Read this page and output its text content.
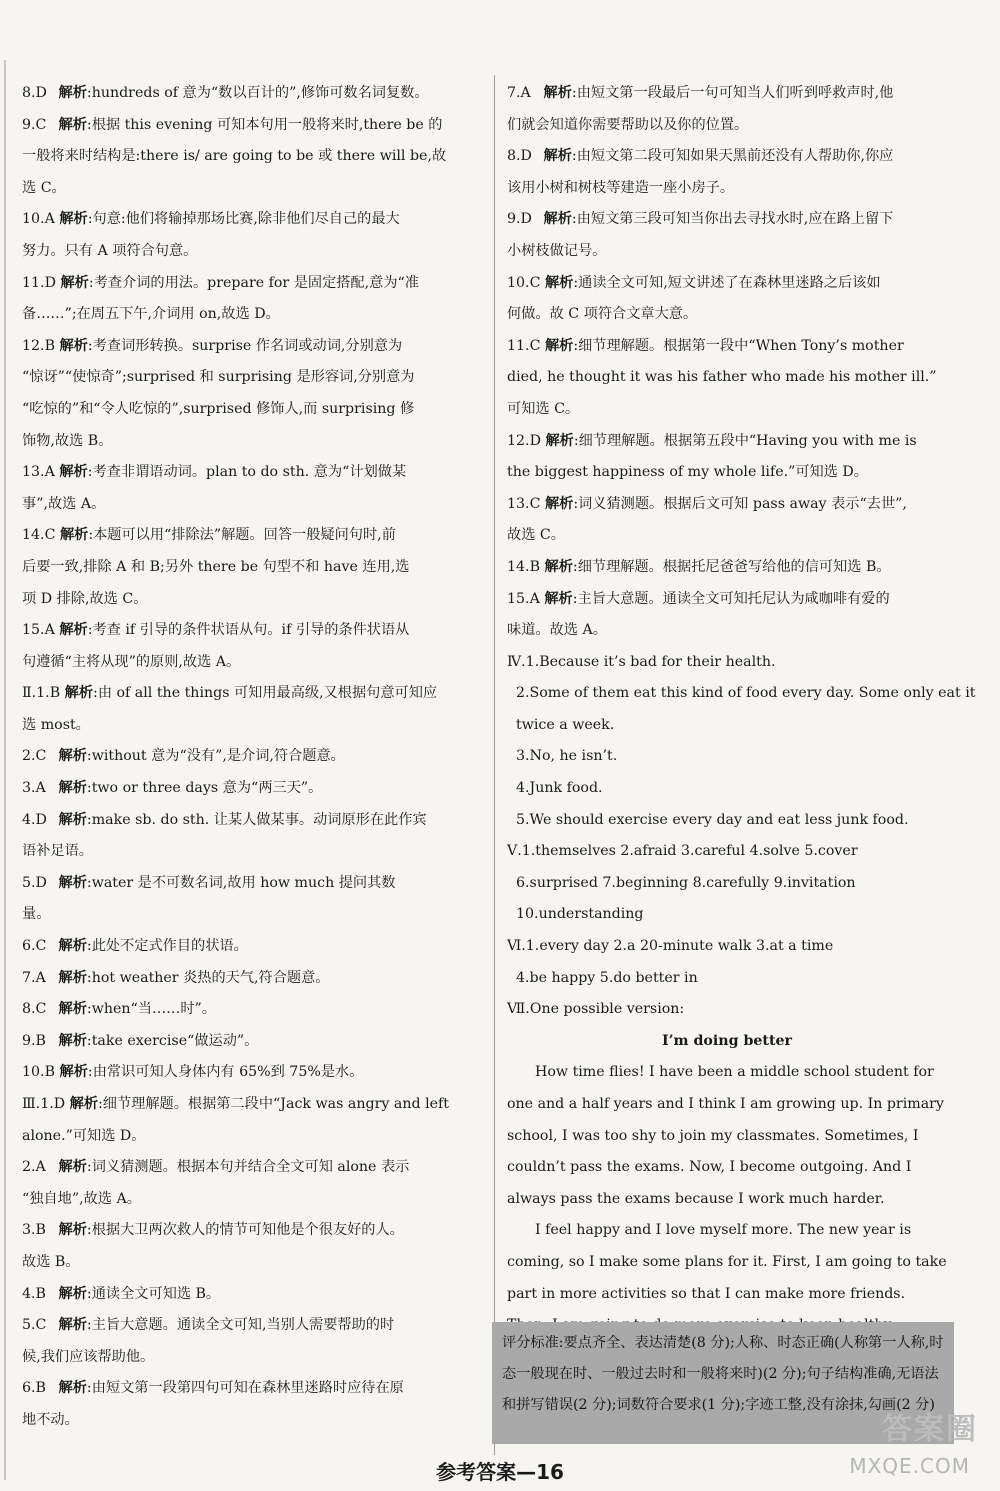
8.D 解析:hundreds of 意为“数以百计的”,修饰可数名词复数。
9.C 解析:根据 this evening 可知本句用一般将来时,there be 的
一般将来时结构是:there is/ are going to be 或 there will be,故
选 C。
10.A 解析:句意:他们将输掉那场比赛,除非他们尽自己的最大
努力。只有 A 项符合句意。
11.D 解析:考查介词的用法。prepare for 是固定搭配,意为“准
备……”;在周五下午,介词用 on,故选 D。
12.B 解析:考查词形转换。surprise 作名词或动词,分别意为
“惊讶”“使惊奇”;surprised 和 surprising 是形容词,分别意为
“吃惊的”和“令人吃惊的”,surprised 修饰人,而 surprising 修
饰物,故选 B。
13.A 解析:考查非谓语动词。plan to do sth. 意为“计划做某
事”,故选 A。
14.C 解析:本题可以用“排除法”解题。回答一般疑问句时,前
后要一致,排除 A 和 B;另外 there be 句型不和 have 连用,选
项 D 排除,故选 C。
15.A 解析:考查 if 引导的条件状语从句。if 引导的条件状语从
句遵循“主将从现”的原则,故选 A。
Ⅱ.1.B 解析:由 of all the things 可知用最高级,又根据句意可知应
选 most。
2.C 解析:without 意为“没有”,是介词,符合题意。
3.A 解析:two or three days 意为“两三天”。
4.D 解析:make sb. do sth. 让某人做某事。动词原形在此作宾
语补足语。
5.D 解析:water 是不可数名词,故用 how much 提问其数
量。
6.C 解析:此处不定式作目的状语。
7.A 解析:hot weather 炎热的天气,符合题意。
8.C 解析:when“当……时”。
9.B 解析:take exercise“做运动”。
10.B 解析:由常识可知人身体内有 65%到 75%是水。
Ⅲ.1.D 解析:细节理解题。根据第二段中“Jack was angry and left
alone.”可知选 D。
2.A 解析:词义猜测题。根据本句并结合全文可知 alone 表示
“独自地”,故选 A。
3.B 解析:根据大卫两次救人的情节可知他是个很友好的人。
故选 B。
4.B 解析:通读全文可知选 B。
5.C 解析:主旨大意题。通读全文可知,当别人需要帮助的时
候,我们应该帮助他。
6.B 解析:由短文第一段第四句可知在森林里迷路时应待在原
地不动。
7.A 解析:由短文第一段最后一句可知当人们听到呼救声时,他
们就会知道你需要帮助以及你的位置。
8.D 解析:由短文第二段可知如果天黑前还没有人帮助你,你应
该用小树和树枝等建造一座小房子。
9.D 解析:由短文第三段可知当你出去寻找水时,应在路上留下
小树枝做记号。
10.C 解析:通读全文可知,短文讲述了在森林里迷路之后该如
何做。故 C 项符合文章大意。
11.C 解析:细节理解题。根据第一段中“When Tony’s mother
died, he thought it was his father who made his mother ill.”
可知选 C。
12.D 解析:细节理解题。根据第五段中“Having you with me is
the biggest happiness of my whole life.”可知选 D。
13.C 解析:词义猜测题。根据后文可知 pass away 表示“去世”,
故选 C。
14.B 解析:细节理解题。根据托尼爸爸写给他的信可知选 B。
15.A 解析:主旨大意题。通读全文可知托尼认为咸咖啡有爱的
味道。故选 A。
Ⅳ.1.Because it’s bad for their health.
2.Some of them eat this kind of food every day. Some only eat it
twice a week.
3.No, he isn’t.
4.Junk food.
5.We should exercise every day and eat less junk food.
Ⅴ.1.themselves 2.afraid 3.careful 4.solve 5.cover
6.surprised 7.beginning 8.carefully 9.invitation
10.understanding
Ⅵ.1.every day 2.a 20-minute walk 3.at a time
4.be happy 5.do better in
Ⅶ.One possible version:
I’m doing better

How time flies! I have been a middle school student for one and a half years and I think I am growing up. In primary school, I was too shy to join my classmates. Sometimes, I couldn’t pass the exams. Now, I become outgoing. And I always pass the exams because I work much harder.

I feel happy and I love myself more. The new year is coming, so I make some plans for it. First, I am going to take part in more activities so that I can make more friends.

评分标准:要点齐全、表达清楚(8 分);人称、时态正确(人称第一人称,时态一般现在时、一般过去时和一般将来时)(2 分);句子结构准确,无语法和拼写错误(2 分);词数符合要求(1 分);字迹工整,没有涂抹,勾画(2 分)
答案圈
MXQE.COM
参考答案—16
